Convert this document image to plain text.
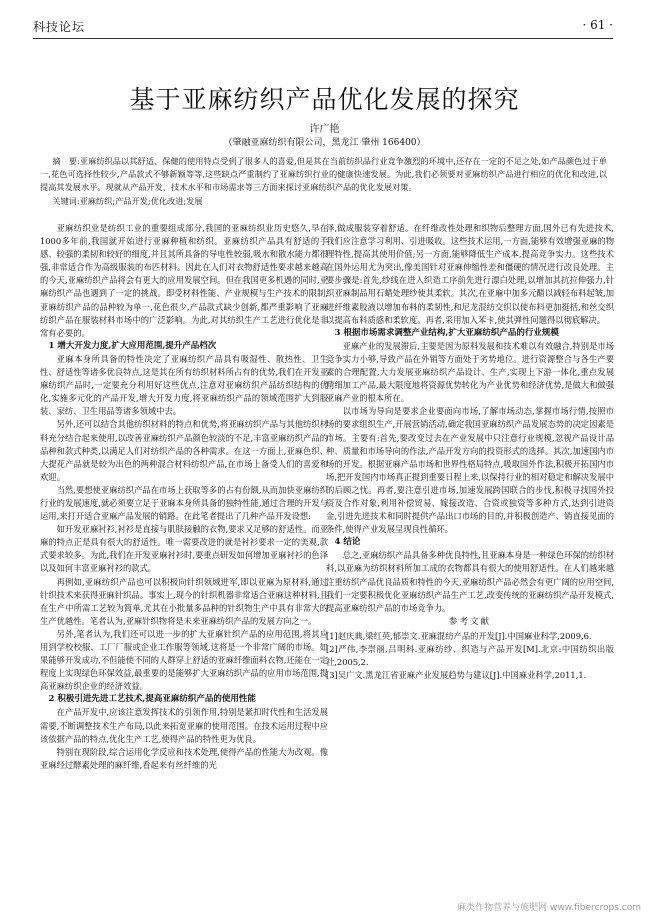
科技论坛	· 61 ·
基于亚麻纺织产品优化发展的探究
许广艳
（肇融亚麻纺织有限公司，黑龙江 肇州 166400）

摘　要:亚麻纺织品以其舒适、保健的使用特点受到了很多人的喜爱,但是其在当前纺织品行业竞争激烈的环境中,还存在一定的不足之处,如产品颜色过于单一,花色可选择性较少,产品款式不够新颖等等,这些缺点严重制约了亚麻纺织行业的健康快速发展。为此,我们必须要对亚麻纺织产品进行相应的优化和改进,以提高其发展水平。现就从产品开发、技术水平和市场需求等三方面来探讨亚麻纺织产品的优化发展对策。

关键词:亚麻纺织;产品开发;优化改进;发展

亚麻纺织业是纺织工业的重要组成部分,我国的亚麻纺织业历史悠久,早在1000多年前,我国就开始进行亚麻种植和纺织。亚麻纺织产品具有舒适的手感、较强的柔韧和较好的细度,并且其所具备的导电性较弱,吸水和散水能力都很强,非常适合作为高级服装的布匹材料。因此在人们对衣物舒适性要求越来越高的今天,亚麻纺织产品将会有更大的应用发展空间。但在我国更多机遇的同时,亚麻纺织产品也遇到了一定的挑战。即受材料性能、产业规模与生产技术的限制,亚麻纺织产品的品种较为单一,花色很少,产品款式缺少创新,都严重影响了亚麻纺织产品在服装材料市场中的广泛影响。为此,对其纺织生产工艺进行优化是非常有必要的。

1 增大开发力度,扩大应用范围,提升产品档次

亚麻本身所具备的特性决定了亚麻纺织产品具有吸湿性、散热性、卫生性、舒适性等诸多优良特点,这是其在所有纺织材料所占有的优势,我们在开发亚麻纺织产品时,一定要充分利用好这些优点,注意对亚麻纺织产品纺织结构的优化,实施多元化的产品开发,增大开发力度,将亚麻纺织产品的领域范围扩大到服装、家纺、卫生用品等诸多领域中去。

另外,还可以结合其他纺织材料的特点和优势,将亚麻纺织产品与其他纺织材料充分结合起来使用,以改善亚麻纺织产品颜色较淡的不足,丰富亚麻纺织产品的品种和款式种类,以满足人们对纺织产品的各种需求。在这一方面上,亚麻色织、大提花产品就是较为出色的两种混合材料纺织产品,在市场上备受人们的喜爱和欢迎。

当然,要想使亚麻纺织产品在市场上获取等多的占有份额,从而加快亚麻纺织行业的发展速度,就必须要立足于亚麻本身所具备的独特性能,通过合理的开发与运用,来打开适合亚麻产品发展的销路。在此笔者提出了几种产品开发设想:

如开发亚麻衬衫,衬衫是直接与肌肤接触的衣物,要求又足够的舒适性。而亚麻的特点正是具有很大的舒适性。唯一需要改进的就是衬衫要求一定的美观,款式要求较多。为此,我们在开发亚麻衬衫时,要重点研发如何增加亚麻衬衫的色泽以及如何丰富亚麻衬衫的款式。

再例如,亚麻纺织产品也可以积极向针织领域进军,即以亚麻为原材料,通过针织技术来获得亚麻针织品。事实上,现今的针织机器非常适合亚麻这种材料,且在生产中所需工艺较为简单,尤其在小批量多品种的针织物生产中具有非常大的生产优越性。笔者认为,亚麻针织物将是未来亚麻纺织产品的发展方向之一。

另外,笔者认为,我们还可以进一步的扩大亚麻针织产品的应用范围,将其应用到学校校服、工厂厂服或企业工作服等领域,这将是一个非常广阔的市场。如果能够开发成功,不但能使不同的人群穿上舒适的亚麻纤维面料衣物,还能在一定程度上实现绿色环保效益,最重要的是能够扩大亚麻纺织产品的应用市场范围,提高亚麻纺织企业的经济效益。

2 积极引进先进工艺技术,提高亚麻纺织产品的使用性能

在产品开发中,应该注意发挥技术的引领作用,特别是紧扣时代性和生活发展需要,不断调整技术生产布局,以此来拓宽亚麻的使用范围。在技术运用过程中应该依据产品的特点,优化生产工艺,使得产品的特性更为优良。

特别在现阶段,综合运用化学反应和技术处理,使得产品的性能大为改观。像亚麻经过酵素处理的麻纤维,看起来有丝纤维的光

泽,做成服装穿着舒适。在纤维改性处理和织物后整理方面,国外已有先进技术,我们应注意学习利用、引进吸收。这些技术运用,一方面,能够有效增强亚麻的物理特性,提高其使用价值;另一方面,能够降低生产成本,提高竞争实力。这些技术在国外运用尤为突出,像美国针对亚麻伸缩性差和僵硬的情况进行改良处理。主要步骤是:首先,纱线在进入织造工序前先进行漂白处理,以增加其抗拉伸强力,针织亚麻制品用石蜡处理纱使其柔软。其次,在亚麻中加多元醋以减轻布料起皱,加进纤维素胶液以增加布料的柔韧性,和尼龙混纺交织以使布料更加挺括,和丝交织以提高布料质感和柔软度。再者,采用加入苯卡,使其弹性问题得以彻底解决。

3 根据市场需求调整产业结构,扩大亚麻纺织产品的行业规模

亚麻产业的发展滞后,主要是因为原料发展和技术难以有效融合,特别是市场竞争实力小够,导致产品在外销等方面处于劣势地位。进行资源整合与各生产要素的合理配置,大力发展亚麻纺织产品设计、生产,实现上下游一体化,重点发展精细加工产品,最大限度地将资源优势转化为产业优势和经济优势,是做大和做强亚麻产业的根本所在。

以市场为导向是要求企业要面向市场,了解市场动态,掌握市场行情,按照市场的要求组织生产,开展营销活动,确定我国亚麻纺织产品发展态势的决定因素是市场。主要有:首先,要改变过去在产业发展中只注意行业规模,忽视产品设计品种、质量和市场导向的作法,产品开发方向的投资形式的选择。其次,加速国内市场的开发。根据亚麻产品市场和世界性格局特点,吸取国外作法,积极开拓国内市场,把开发国内市场真正提到重要日程上来,以保持行业的相对稳定和解决发展中的后顾之忧。再者,要注意引进市场,加速发展跨国联合的步伐,积极寻找国外投资及合作对象,利用补偿贸易、嫁接改造、合资或独资等多种方式,达到引进资金,引进先进技术和同时提供产品出口市场的目的,并积极创造产、销直接见面的条件,使得产业发展呈现良性循环。

4 结论

总之,亚麻纺织产品具备多种优良特性,且亚麻本身是一种绿色环保的纺织材料,以亚麻为纺织材料所加工成的衣物都具有很大的使用舒适性。在人们越来越注重纺织产品优良品质和特性的今天,亚麻纺织产品必然会有更广阔的应用空间,我们一定要积极优化亚麻纺织产品生产工艺,改变传统的亚麻纺织产品开发模式,提高亚麻纺织产品的市场竞争力。

参考文献
[1]赵庆典,梁红英,郁崇文.亚麻混纺产品的开发[J].中国麻业科学,2009,6.
[2]严伟,李崇丽,吕明科.亚麻纺纱、织造与产品开发[M].北京:中国纺织出版社,2005,2.
[3]吴广文.黑龙江省亚麻产业发展趋势与建议[J].中国麻业科学,2011,1.
麻类作物营养与施肥网 www.fibercrops.com
